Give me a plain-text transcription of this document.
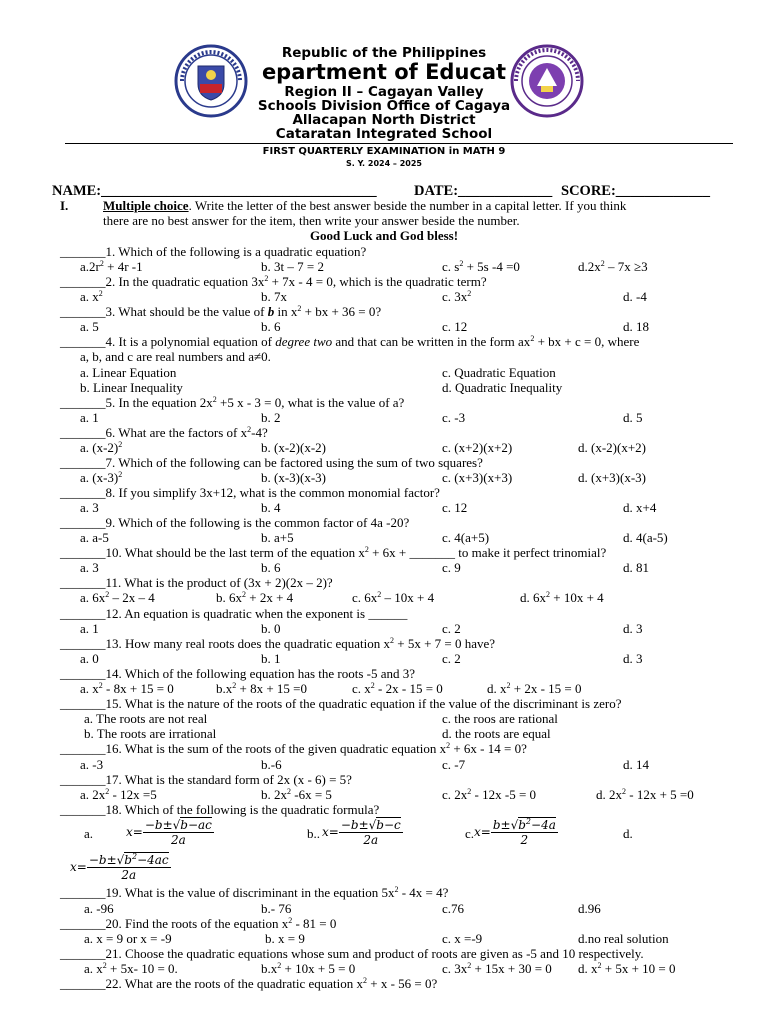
Republic of the Philippines
epartment of Educat
Region II – Cagayan Valley
Schools Division Office of Cagaya
Allacapan North District
Cataratan Integrated School
FIRST QUARTERLY EXAMINATION in MATH 9
S. Y. 2024 – 2025
NAME:______________________________________	DATE:_____________ SCORE:_____________
I.	Multiple choice. Write the letter of the best answer beside the number in a capital letter. If you think
there are no best answer for the item, then write your answer beside the number.
Good Luck and God bless!
_______1. Which of the following is a quadratic equation?
$a.2r^2 + 4r$ -1	b. 3t – 7 = 2	c. $s^2 + 5s$ -4 =0	$d.2x^2 - 7x \ge 3$
_______2. In the quadratic equation $3x^2 + 7x - 4 = 0$, which is the quadratic term?
a. $x^2$	b. 7x	c. $3x^2$	d. -4
_______3. What should be the value of b in $x^2$ + bx + 36 = 0?
a. 5	b. 6	c. 12	d. 18
_______4. It is a polynomial equation of degree two and that can be written in the form $ax^2$ + bx + c = 0, where
a, b, and c are real numbers and a≠0.
a. Linear Equation	c. Quadratic Equation
b. Linear Inequality	d. Quadratic Inequality
_______5. In the equation $2x^2 +5$ x - 3 = 0, what is the value of a?
a. 1	b. 2	c. -3	d. 5
_______6. What are the factors of $x^2-4$?
a. $(x-2)^2$	b. (x-2)(x-2)	c. (x+2)(x+2)	d. (x-2)(x+2)
_______7. Which of the following can be factored using the sum of two squares?
a. $(x-3)^2$	b. (x-3)(x-3)	c. (x+3)(x+3)	d. (x+3)(x-3)
_______8. If you simplify 3x+12, what is the common monomial factor?
a. 3	b. 4	c. 12	d. x+4
_______9. Which of the following is the common factor of 4a -20?
a. a-5	b. a+5	c. 4(a+5)	d. 4(a-5)
_______10. What should be the last term of the equation $x^2 + 6x$ + _______ to make it perfect trinomial?
a. 3	b. 6	c. 9	d. 81
_______11. What is the product of (3x + 2)(2x – 2)?
a. $6x^2 - 2x - 4$	b. $6x^2 + 2x + 4$	c. $6x^2 - 10x + 4$	d. $6x^2 + 10x + 4$
_______12. An equation is quadratic when the exponent is ______
a. 1	b. 0	c. 2	d. 3
_______13. How many real roots does the quadratic equation $x^2 + 5x + 7 = 0$ have?
a. 0	b. 1	c. 2	d. 3
_______14. Which of the following equation has the roots -5 and 3?
a. $x^2 - 8x + 15 = 0$	$b.x^2 + 8x + 15 =0$	c. $x^2 - 2x - 15 = 0$	d. $x^2 + 2x - 15 = 0$
_______15. What is the nature of the roots of the quadratic equation if the value of the discriminant is zero?
a. The roots are not real	c. the roos are rational
b. The roots are irrational	d. the roots are equal
_______16. What is the sum of the roots of the given quadratic equation $x^2 + 6x - 14 = 0$?
a. -3	b.-6	c. -7	d. 14
_______17. What is the standard form of 2x (x - 6) = 5?
a. $2x^2 - 12x =5$	b. $2x^2$ -6x = 5	c. $2x^2 - 12x$ -5 = 0	d. $2x^2 - 12x + 5 =0$
_______18. Which of the following is the quadratic formula?
a.	$x= \frac{-b\pm√b-ac}{2a}$	b.. $x= \frac{-b\pm√b-c}{2a}$	c. $x= \frac{b\pm√b^2-4a}{2}$	d.
$x= \frac{-b\pm√b^2-4ac}{2a}$
_______19. What is the value of discriminant in the equation $5x^2 - 4x = 4$?
a. -96	b.- 76	c.76	d.96
_______20. Find the roots of the equation $x^2 - 81 = 0$
a. x = 9 or x = -9	b. x = 9	c. x =-9	d.no real solution
_______21. Choose the quadratic equations whose sum and product of roots are given as -5 and 10 respectively.
a. $x^2 + 5x-$ 10 = 0.	$b.x^2 + 10x + 5 = 0$	c. $3x^2 + 15x + 30 = 0$ d. $x^2 + 5x + 10 = 0$
_______22. What are the roots of the quadratic equation $x^2 + x - 56 = 0$?
